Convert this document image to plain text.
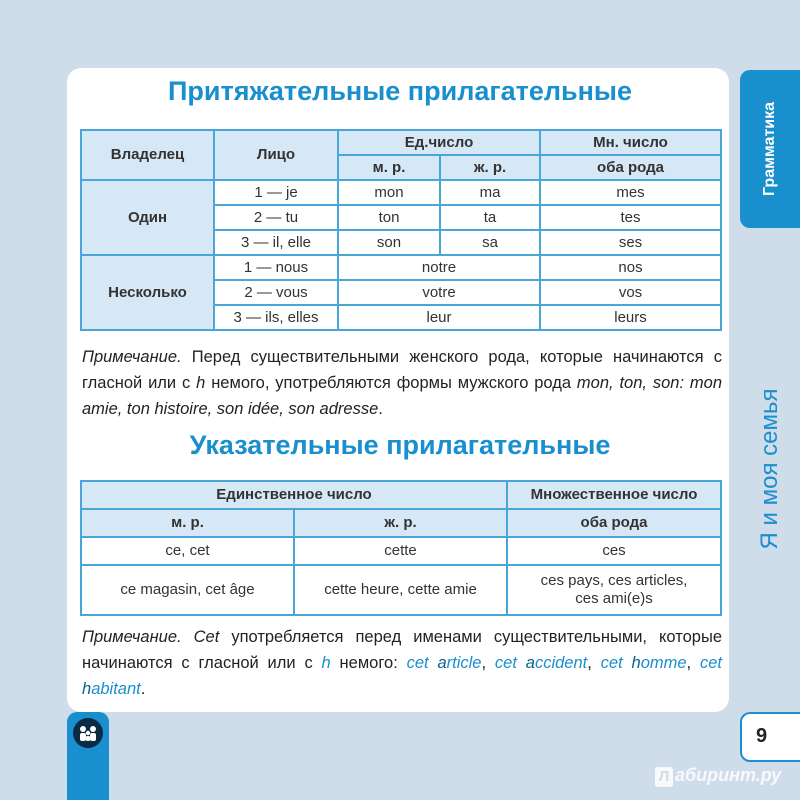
Грамматика
Я и моя семья
9
Л абиринт.ру
Притяжательные прилагательные
Владелец	Лицо	Ед.число		Мн. число
		м. р.	ж. р.	оба рода
Один	1 — je	mon	ma	mes
	2 — tu	ton	ta	tes
	3 — il, elle	son	sa	ses
Несколько	1 — nous	notre		nos
	2 — vous	votre		vos
	3 — ils, elles	leur		leurs

Примечание. Перед существительными женского рода, которые начинаются с гласной или с h немого, употребляются формы мужского рода mon, ton, son: mon amie, ton histoire, son idée, son adresse.

Указательные прилагательные
Единственное число		Множественное число
м. р.	ж. р.	оба рода
ce, cet	cette	ces
ce magasin, cet âge	cette heure, cette amie	ces pays, ces articles,
ces ami(e)s

Примечание. Cet употребляется перед именами существительными, которые начинаются с гласной или с h немого: cet article, cet accident, cet homme, cet habitant.
